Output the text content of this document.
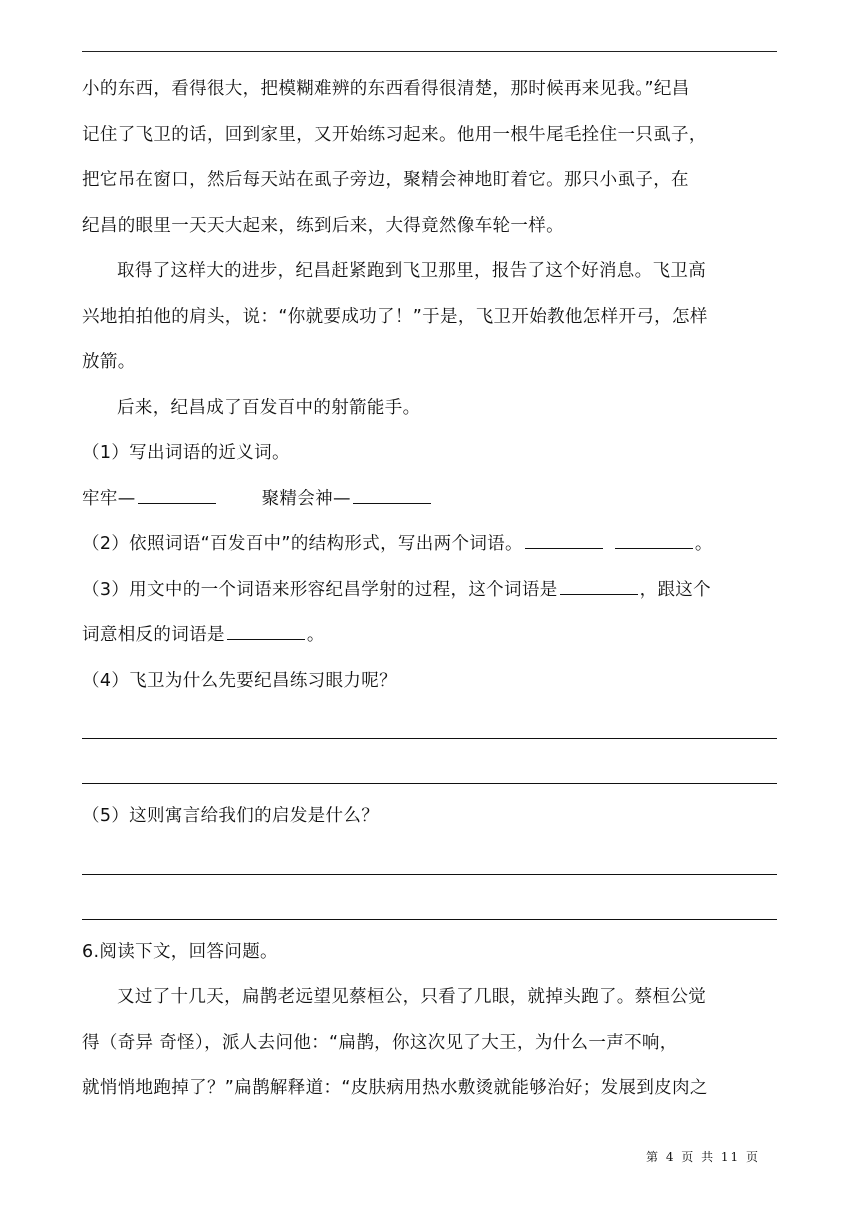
小的东西，看得很大，把模糊难辨的东西看得很清楚，那时候再来见我。”纪昌
记住了飞卫的话，回到家里，又开始练习起来。他用一根牛尾毛拴住一只虱子，
把它吊在窗口，然后每天站在虱子旁边，聚精会神地盯着它。那只小虱子，在
纪昌的眼里一天天大起来，练到后来，大得竟然像车轮一样。
取得了这样大的进步，纪昌赶紧跑到飞卫那里，报告了这个好消息。飞卫高
兴地拍拍他的肩头，说：“你就要成功了！”于是，飞卫开始教他怎样开弓，怎样
放箭。
后来，纪昌成了百发百中的射箭能手。
（1）写出词语的近义词。
牢牢—	聚精会神—
（2）依照词语“百发百中”的结构形式，写出两个词语。	。
（3）用文中的一个词语来形容纪昌学射的过程，这个词语是	，跟这个
词意相反的词语是	。
（4）飞卫为什么先要纪昌练习眼力呢？
（5）这则寓言给我们的启发是什么？
6.阅读下文，回答问题。
又过了十几天，扁鹊老远望见蔡桓公，只看了几眼，就掉头跑了。蔡桓公觉
得（奇异 奇怪），派人去问他：“扁鹊，你这次见了大王，为什么一声不响，
就悄悄地跑掉了？”扁鹊解释道：“皮肤病用热水敷烫就能够治好；发展到皮肉之
第 4 页 共 11 页
